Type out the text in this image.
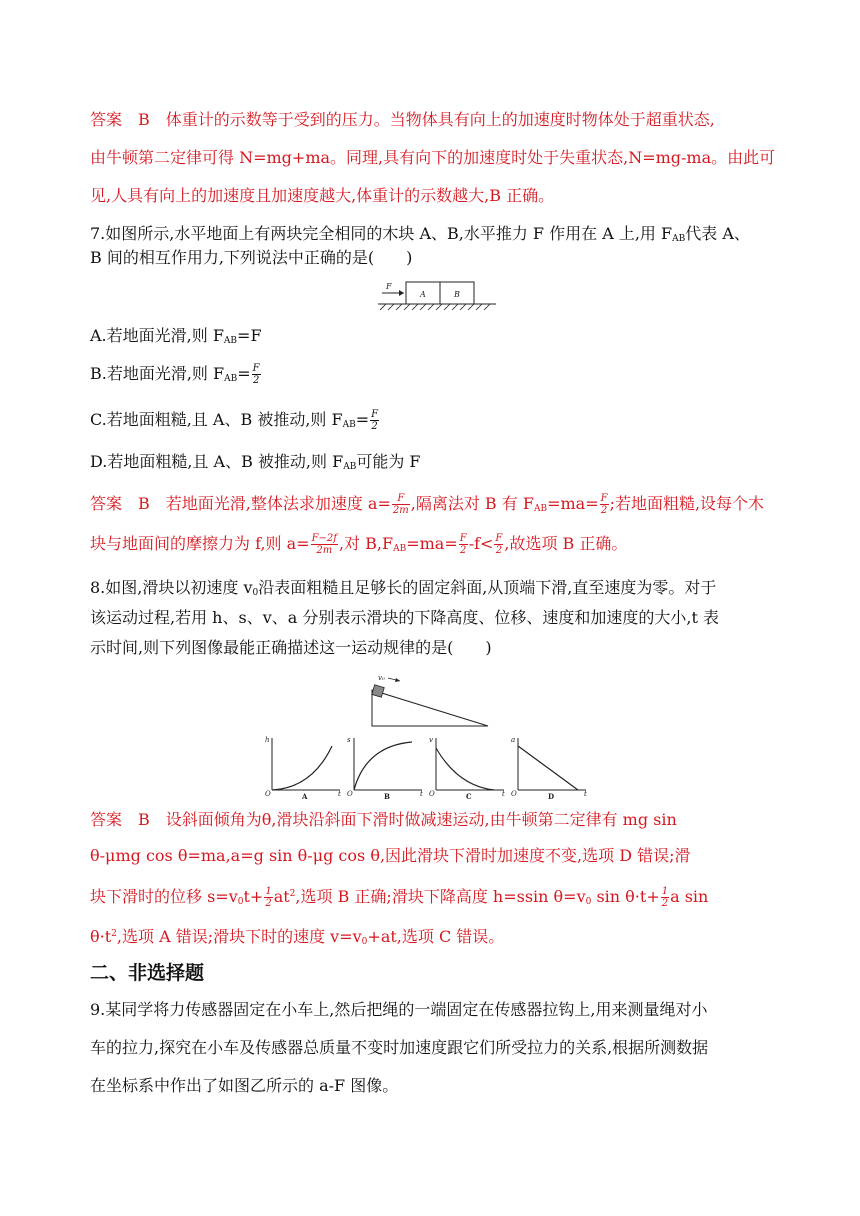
答案　B　体重计的示数等于受到的压力。当物体具有向上的加速度时物体处于超重状态,
由牛顿第二定律可得 N=mg+ma。同理,具有向下的加速度时处于失重状态,N=mg-ma。由此可
见,人具有向上的加速度且加速度越大,体重计的示数越大,B 正确。
7.如图所示,水平地面上有两块完全相同的木块 A、B,水平推力 F 作用在 A 上,用 $F_{AB}$代表 A、
B 间的相互作用力,下列说法中正确的是(　　)
F
A	B
A.若地面光滑,则 $F_{AB}=F$
B.若地面光滑,则 $F_{AB}= \frac{F}{2}$
C.若地面粗糙,且 A、B 被推动,则 $F_{AB}= \frac{F}{2}$
D.若地面粗糙,且 A、B 被推动,则 $F_{AB}$可能为 F
答案　B　若地面光滑,整体法求加速度 $a= \frac{F}{2m}$ ,隔离法对 B 有 $F_{AB}=ma= \frac{F}{2}$ ;若地面粗糙,设每个木
块与地面间的摩擦力为 f,则 $a= \frac{F-2f}{2m}$ ,对 $B,F_{AB}=ma= \frac{F}{2} -f< \frac{F}{2}$ ,故选项 B 正确。
8.如图,滑块以初速度 $v_0$沿表面粗糙且足够长的固定斜面,从顶端下滑,直至速度为零。对于
该运动过程,若用 h、s、v、a 分别表示滑块的下降高度、位移、速度和加速度的大小,t 表
示时间,则下列图像最能正确描述这一运动规律的是(　　)
v₀
h
O	t
A
s
O	t
B
v
O	t
C
a
O	t
D
答案　B　设斜面倾角为θ,滑块沿斜面下滑时做减速运动,由牛顿第二定律有 mg sin
θ-μmg cos θ=ma,a=g sin θ-μg cos θ,因此滑块下滑时加速度不变,选项 D 错误;滑
块下滑时的位移 $s=v_0t+ \frac{1}{2} at^2$,选项 B 正确;滑块下降高度 h=ssin $\theta=v_0$ $\sin \theta\cdot t+ \frac{1}{2}$ a sin
$\theta\cdot t^2$,选项 A 错误;滑块下时的速度 $v=v_0+at$,选项 C 错误。
二、非选择题
9.某同学将力传感器固定在小车上,然后把绳的一端固定在传感器拉钩上,用来测量绳对小
车的拉力,探究在小车及传感器总质量不变时加速度跟它们所受拉力的关系,根据所测数据
在坐标系中作出了如图乙所示的 a-F 图像。
